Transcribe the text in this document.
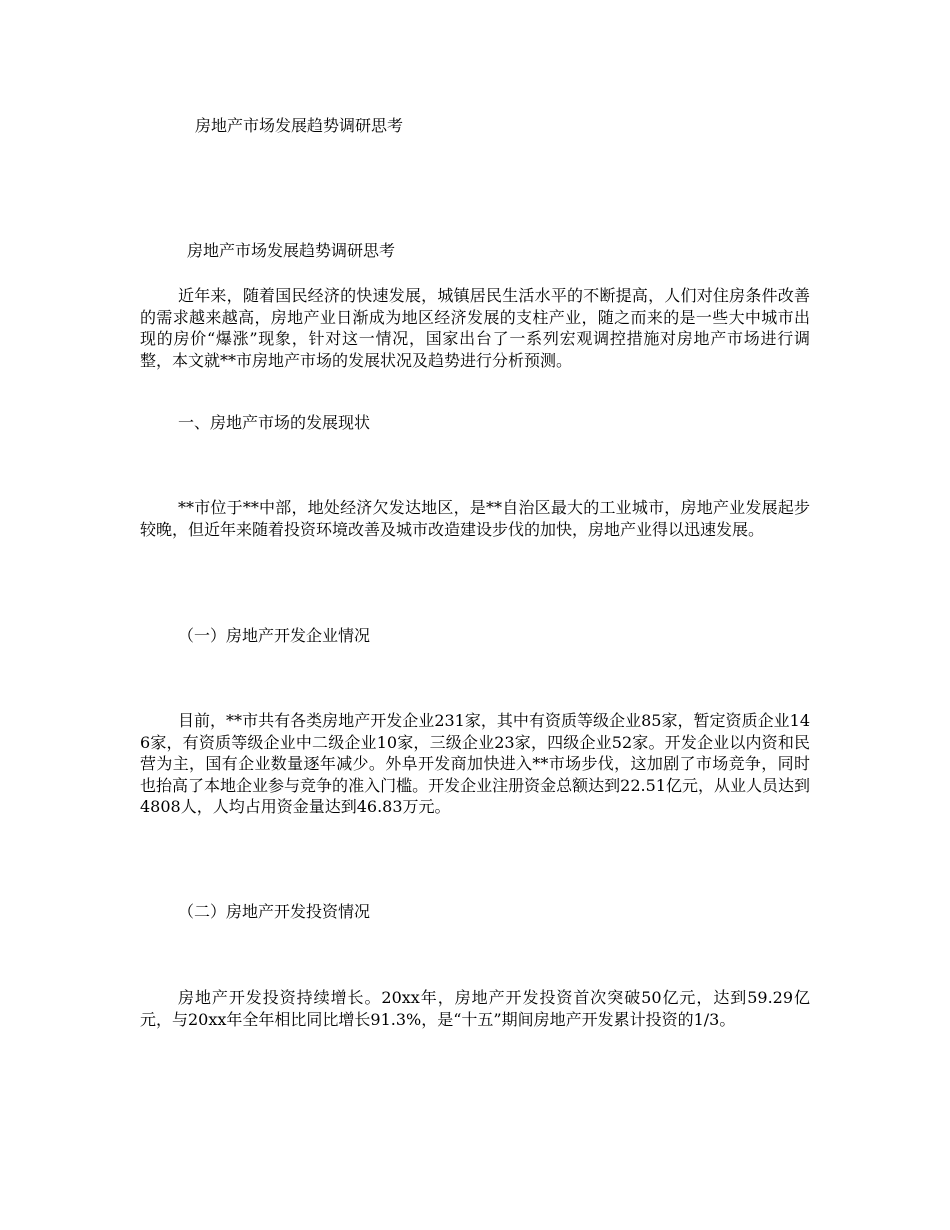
房地产市场发展趋势调研思考
房地产市场发展趋势调研思考
近年来，随着国民经济的快速发展，城镇居民生活水平的不断提高，人们对住房条件改善的需求越来越高，房地产业日渐成为地区经济发展的支柱产业，随之而来的是一些大中城市出现的房价“爆涨”现象，针对这一情况，国家出台了一系列宏观调控措施对房地产市场进行调整，本文就**市房地产市场的发展状况及趋势进行分析预测。
一、房地产市场的发展现状
**市位于**中部，地处经济欠发达地区，是**自治区最大的工业城市，房地产业发展起步较晚，但近年来随着投资环境改善及城市改造建设步伐的加快，房地产业得以迅速发展。
（一）房地产开发企业情况
目前，**市共有各类房地产开发企业231家，其中有资质等级企业85家，暂定资质企业146家，有资质等级企业中二级企业10家，三级企业23家，四级企业52家。开发企业以内资和民营为主，国有企业数量逐年减少。外阜开发商加快进入**市场步伐，这加剧了市场竞争，同时也抬高了本地企业参与竞争的准入门槛。开发企业注册资金总额达到22.51亿元，从业人员达到4808人，人均占用资金量达到46.83万元。
（二）房地产开发投资情况
房地产开发投资持续增长。20xx年，房地产开发投资首次突破50亿元，达到59.29亿元，与20xx年全年相比同比增长91.3%，是“十五”期间房地产开发累计投资的1/3。
